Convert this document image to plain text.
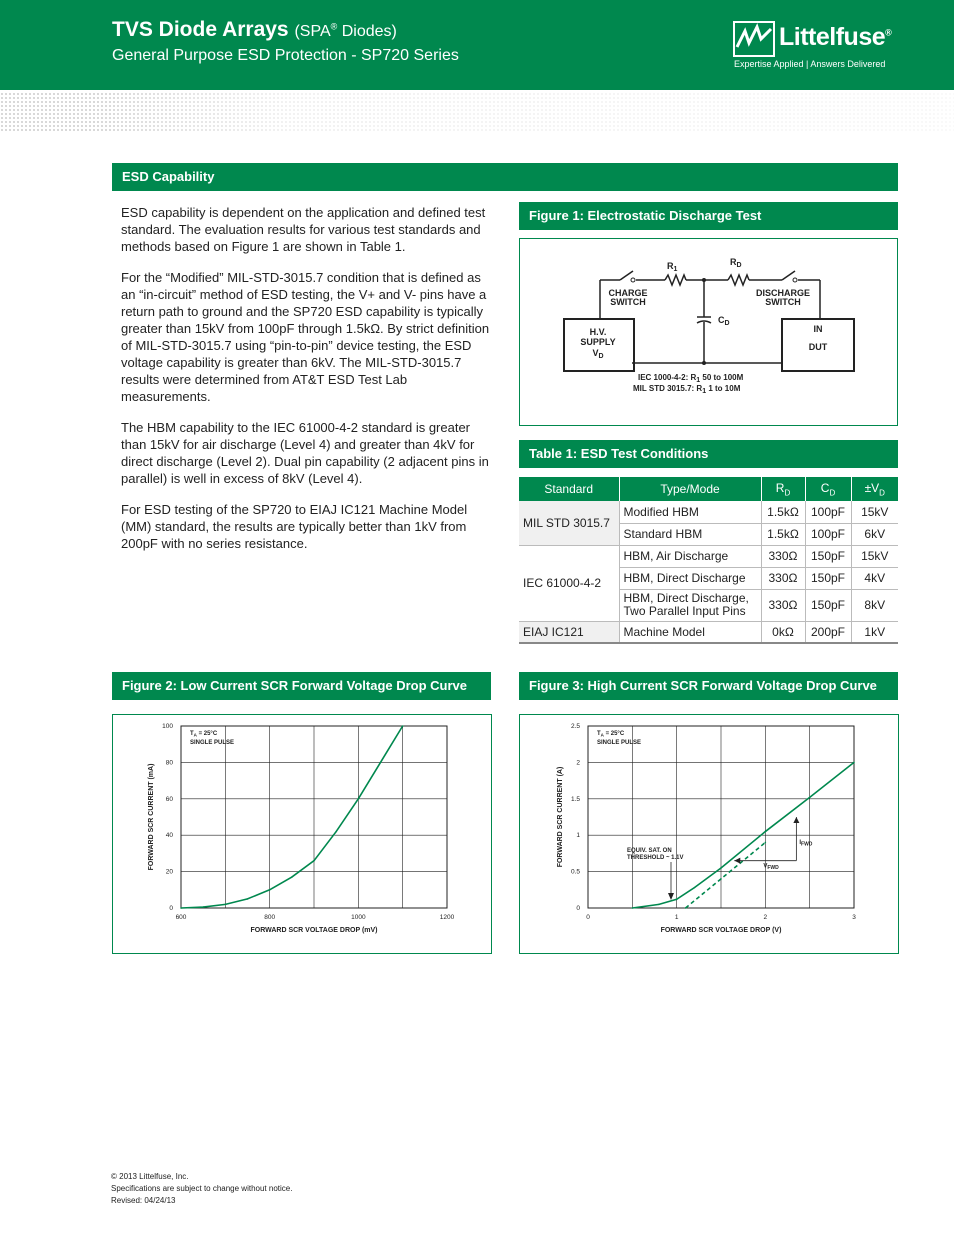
TVS Diode Arrays (SPA® Diodes)
General Purpose ESD Protection - SP720 Series
Littelfuse®
Expertise Applied | Answers Delivered
ESD Capability

ESD capability is dependent on the application and defined test standard. The evaluation results for various test standards and methods based on Figure 1 are shown in Table 1.

For the “Modified” MIL-STD-3015.7 condition that is defined as an “in-circuit” method of ESD testing, the V+ and V- pins have a return path to ground and the SP720 ESD capability is typically greater than 15kV from 100pF through 1.5kΩ. By strict definition of MIL-STD-3015.7 using “pin-to-pin” device testing, the ESD voltage capability is greater than 6kV. The MIL-STD-3015.7 results were determined from AT&T ESD Test Lab measurements.

The HBM capability to the IEC 61000-4-2 standard is greater than 15kV for air discharge (Level 4) and greater than 4kV for direct discharge (Level 2). Dual pin capability (2 adjacent pins in parallel) is well in excess of 8kV (Level 4).

For ESD testing of the SP720 to EIAJ IC121 Machine Model (MM) standard, the results are typically better than 1kV from 200pF with no series resistance.

Figure 1: Electrostatic Discharge Test
$R_1$
$R_D$
CHARGE
SWITCH
DISCHARGE
SWITCH
$C_D$
H.V.
SUPPLY
$V_D$
IN
DUT
IEC 1000-4-2: R1 50 to 100M
MIL STD 3015.7: R1 1 to 10M
Table 1: ESD Test Conditions
Standard	Type/Mode	$R_D$	$C_D$	$\pm V_D$
MIL STD 3015.7	Modified HBM	1.5kΩ	100pF	15kV
	Standard HBM	1.5kΩ	100pF	6kV
IEC 61000-4-2	HBM, Air Discharge	330Ω	150pF	15kV
	HBM, Direct Discharge	330Ω	150pF	4kV
	HBM, Direct Discharge,
Two Parallel Input Pins	330Ω	150pF	8kV
EIAJ IC121	Machine Model	0kΩ	200pF	1kV
Figure 2: Low Current SCR Forward Voltage Drop Curve
600	800	1000	1200
0
20
40
60
80
100
FORWARD SCR VOLTAGE DROP (mV)
FORWARD SCR CURRENT (mA)
$T_A = 25^\circ C$
SINGLE PULSE
Figure 3: High Current SCR Forward Voltage Drop Curve
0	1	2	3
0
0.5
1
1.5
2
2.5
FORWARD SCR VOLTAGE DROP (V)
FORWARD SCR CURRENT (A)
$T_A = 25^\circ C$
SINGLE PULSE
EQUIV. SAT. ON
THRESHOLD ~ 1.1V
$I_{FWD}$
$V_{FWD}$
© 2013 Littelfuse, Inc.
Specifications are subject to change without notice.
Revised: 04/24/13
